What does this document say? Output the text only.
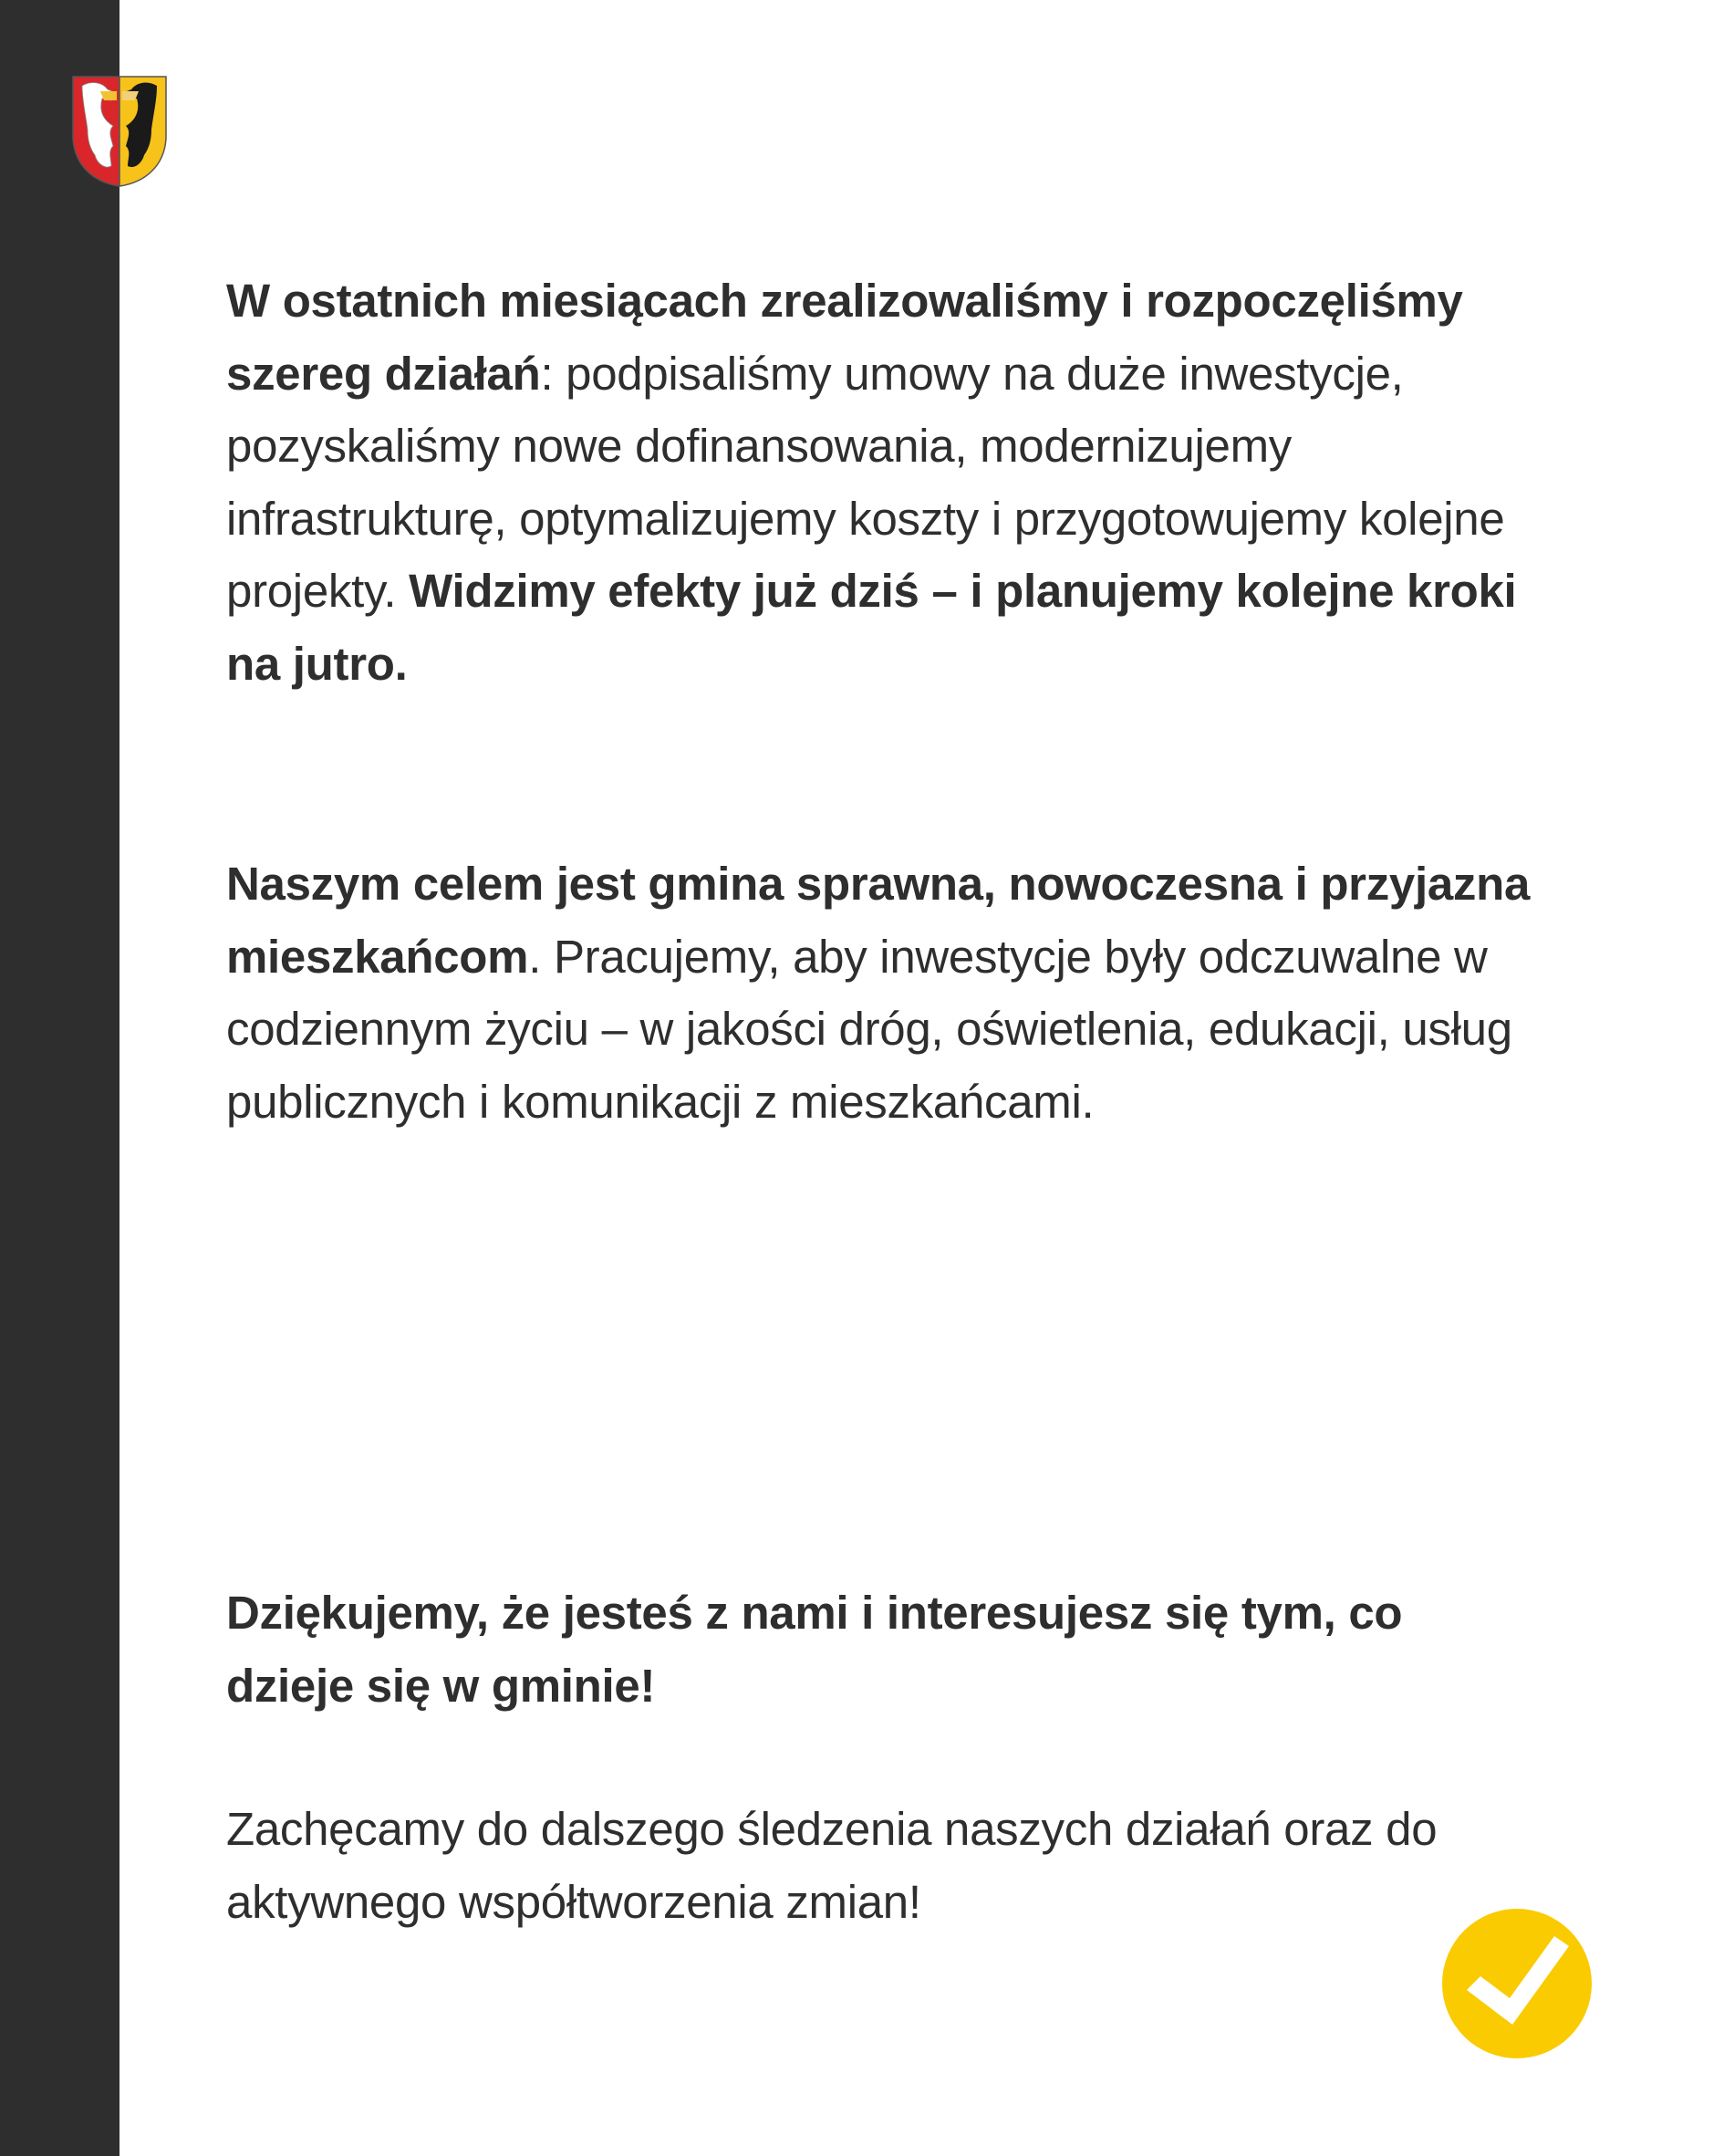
W ostatnich miesiącach zrealizowaliśmy i rozpoczęliśmy szereg działań: podpisaliśmy umowy na duże inwestycje, pozyskaliśmy nowe dofinansowania, modernizujemy infrastrukturę, optymalizujemy koszty i przygotowujemy kolejne projekty. Widzimy efekty już dziś – i planujemy kolejne kroki na jutro.
Naszym celem jest gmina sprawna, nowoczesna i przyjazna mieszkańcom. Pracujemy, aby inwestycje były odczuwalne w codziennym życiu – w jakości dróg, oświetlenia, edukacji, usług publicznych i komunikacji z mieszkańcami.
Dziękujemy, że jesteś z nami i interesujesz się tym, co dzieje się w gminie!
Zachęcamy do dalszego śledzenia naszych działań oraz do aktywnego współtworzenia zmian!
